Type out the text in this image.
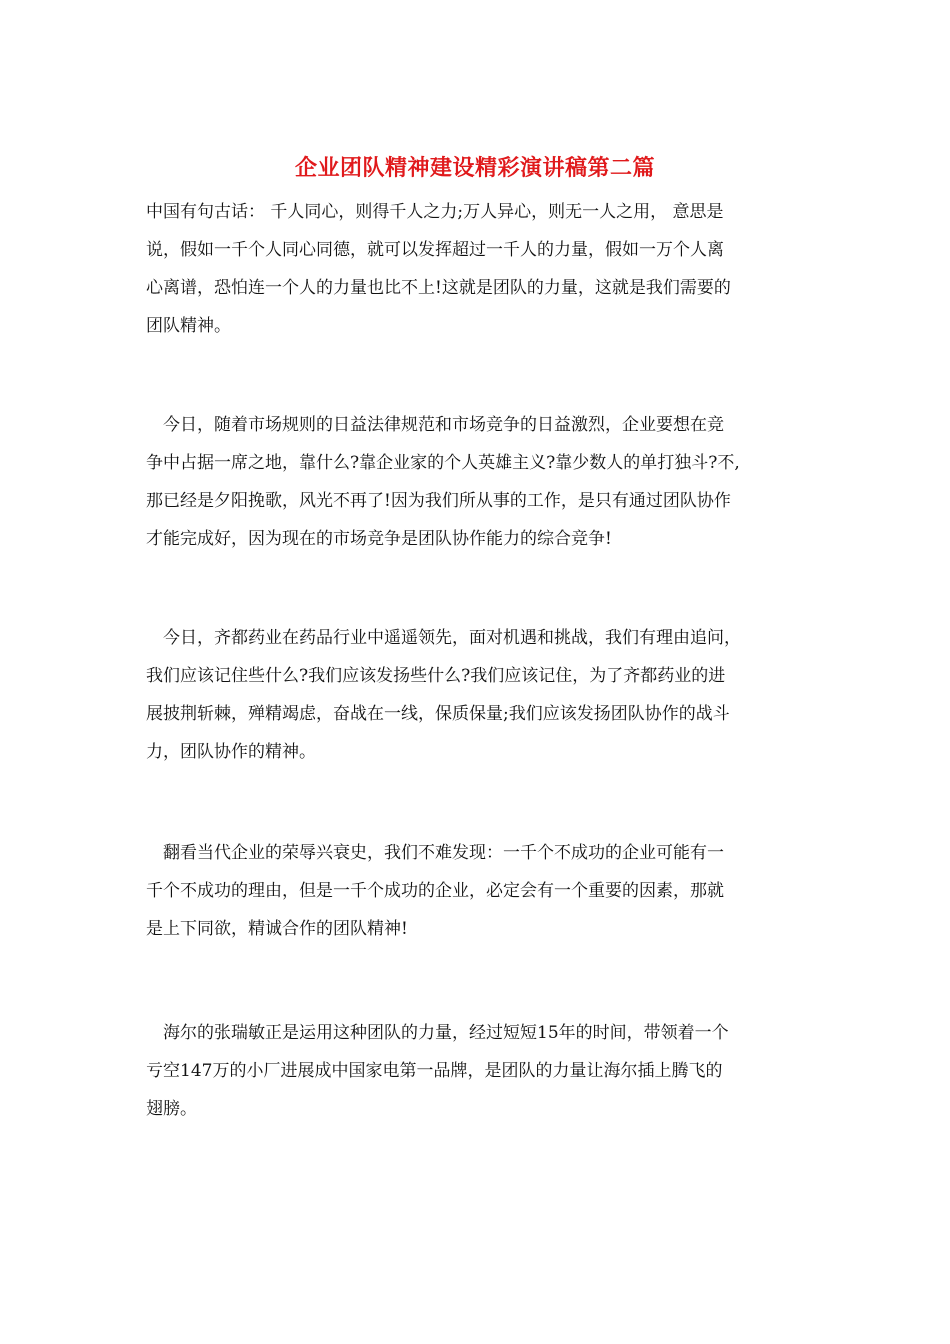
企业团队精神建设精彩演讲稿第二篇
中国有句古话： 千人同心，则得千人之力;万人异心，则无一人之用， 意思是
说，假如一千个人同心同德，就可以发挥超过一千人的力量，假如一万个人离
心离谱，恐怕连一个人的力量也比不上!这就是团队的力量，这就是我们需要的
团队精神。
今日，随着市场规则的日益法律规范和市场竞争的日益激烈，企业要想在竞
争中占据一席之地，靠什么?靠企业家的个人英雄主义?靠少数人的单打独斗?不,
那已经是夕阳挽歌，风光不再了!因为我们所从事的工作，是只有通过团队协作
才能完成好，因为现在的市场竞争是团队协作能力的综合竞争!
今日，齐都药业在药品行业中遥遥领先，面对机遇和挑战，我们有理由追问，
我们应该记住些什么?我们应该发扬些什么?我们应该记住，为了齐都药业的进
展披荆斩棘，殚精竭虑，奋战在一线，保质保量;我们应该发扬团队协作的战斗
力，团队协作的精神。
翻看当代企业的荣辱兴衰史，我们不难发现：一千个不成功的企业可能有一
千个不成功的理由，但是一千个成功的企业，必定会有一个重要的因素，那就
是上下同欲，精诚合作的团队精神!
海尔的张瑞敏正是运用这种团队的力量，经过短短15年的时间，带领着一个
亏空147万的小厂进展成中国家电第一品牌，是团队的力量让海尔插上腾飞的
翅膀。
